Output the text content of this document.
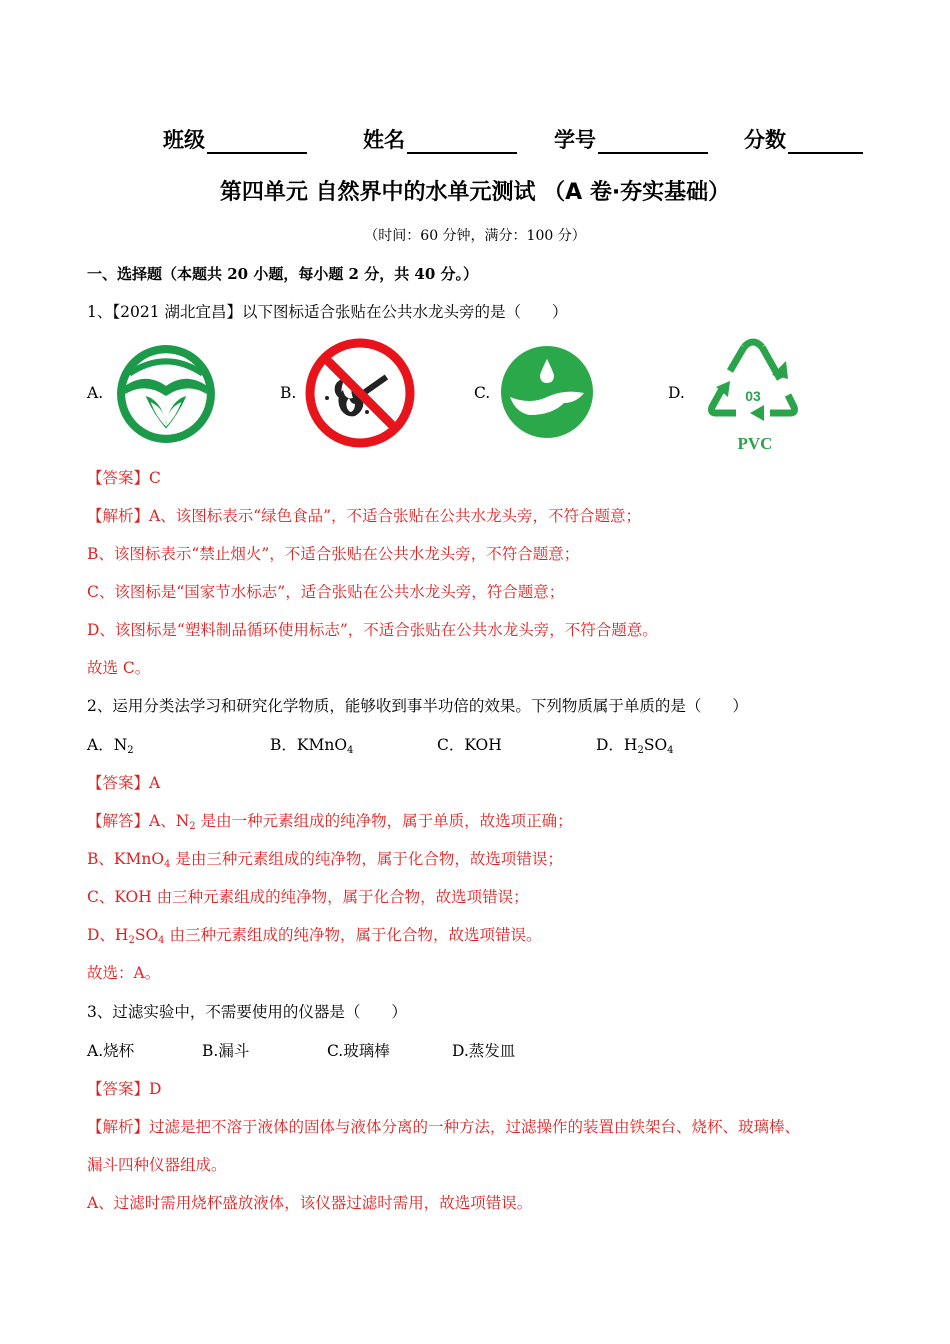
班级	姓名	学号	分数
第四单元 自然界中的水单元测试 （A 卷·夯实基础）
（时间：60 分钟，满分：100 分）
一、选择题（本题共 20 小题，每小题 2 分，共 40 分。）
1、【2021 湖北宜昌】以下图标适合张贴在公共水龙头旁的是（　　）
A.	B.	C.	D.	03
PVC
【答案】C
【解析】A、该图标表示“绿色食品”，不适合张贴在公共水龙头旁，不符合题意；
B、该图标表示“禁止烟火”，不适合张贴在公共水龙头旁，不符合题意；
C、该图标是“国家节水标志”，适合张贴在公共水龙头旁，符合题意；
D、该图标是“塑料制品循环使用标志”，不适合张贴在公共水龙头旁，不符合题意。
故选 C。
2、运用分类法学习和研究化学物质，能够收到事半功倍的效果。下列物质属于单质的是（　　）
A．$N_2$	B．KMnO$_4$	C．KOH	D．$H_2SO_4$
【答案】A
【解答】A、$N_2$ 是由一种元素组成的纯净物，属于单质，故选项正确；
B、KMnO$_4$ 是由三种元素组成的纯净物，属于化合物，故选项错误；
C、KOH 由三种元素组成的纯净物，属于化合物，故选项错误；
D、$H_2SO_4$ 由三种元素组成的纯净物，属于化合物，故选项错误。
故选：A。
3、过滤实验中，不需要使用的仪器是（　　）
A.烧杯	B.漏斗	C.玻璃棒	D.蒸发皿
【答案】D
【解析】过滤是把不溶于液体的固体与液体分离的一种方法，过滤操作的装置由铁架台、烧杯、玻璃棒、
漏斗四种仪器组成。
A、过滤时需用烧杯盛放液体，该仪器过滤时需用，故选项错误。
